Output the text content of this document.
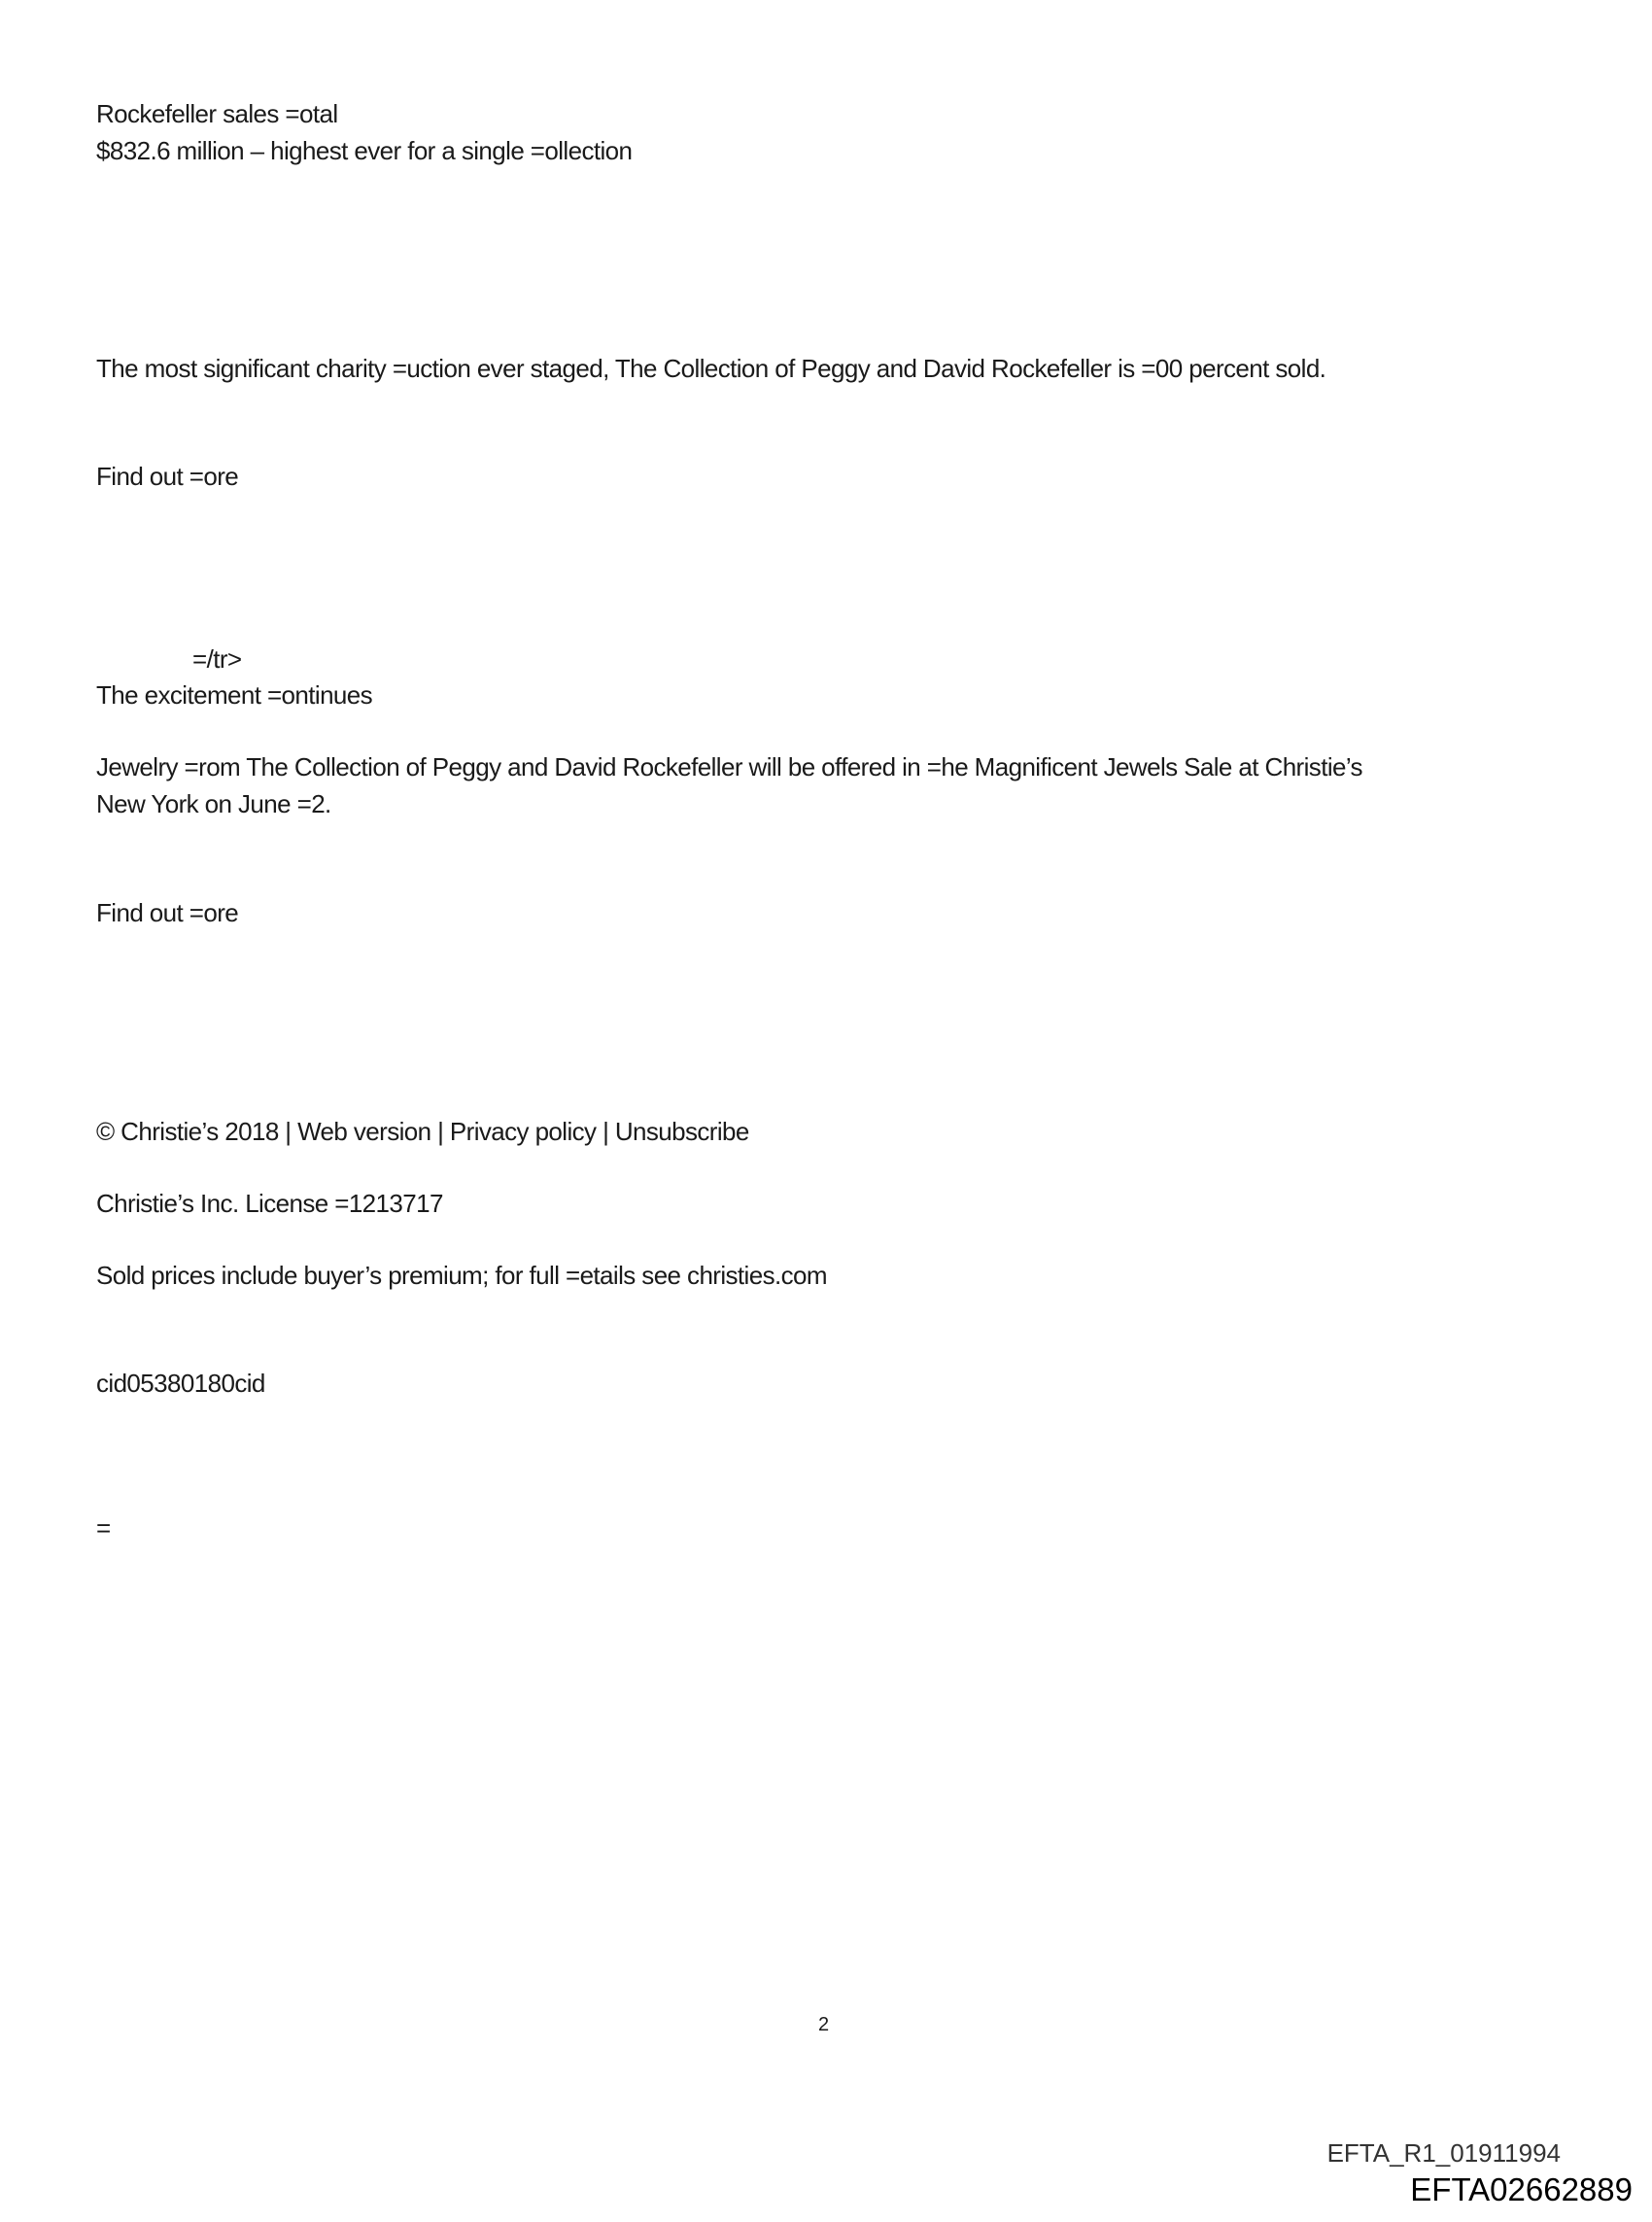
Rockefeller sales =otal
$832.6 million – highest ever for a single =ollection
The most significant charity =uction ever staged, The Collection of Peggy and David Rockefeller is =00 percent sold.
Find out =ore
=/tr>
The excitement =ontinues
Jewelry =rom The Collection of Peggy and David Rockefeller will be offered in =he Magnificent Jewels Sale at Christie’s
New York on June =2.
Find out =ore
© Christie’s 2018 | Web version | Privacy policy | Unsubscribe
Christie’s Inc. License =1213717
Sold prices include buyer’s premium; for full =etails see christies.com
cid05380180cid
=
2
EFTA_R1_01911994
EFTA02662889
